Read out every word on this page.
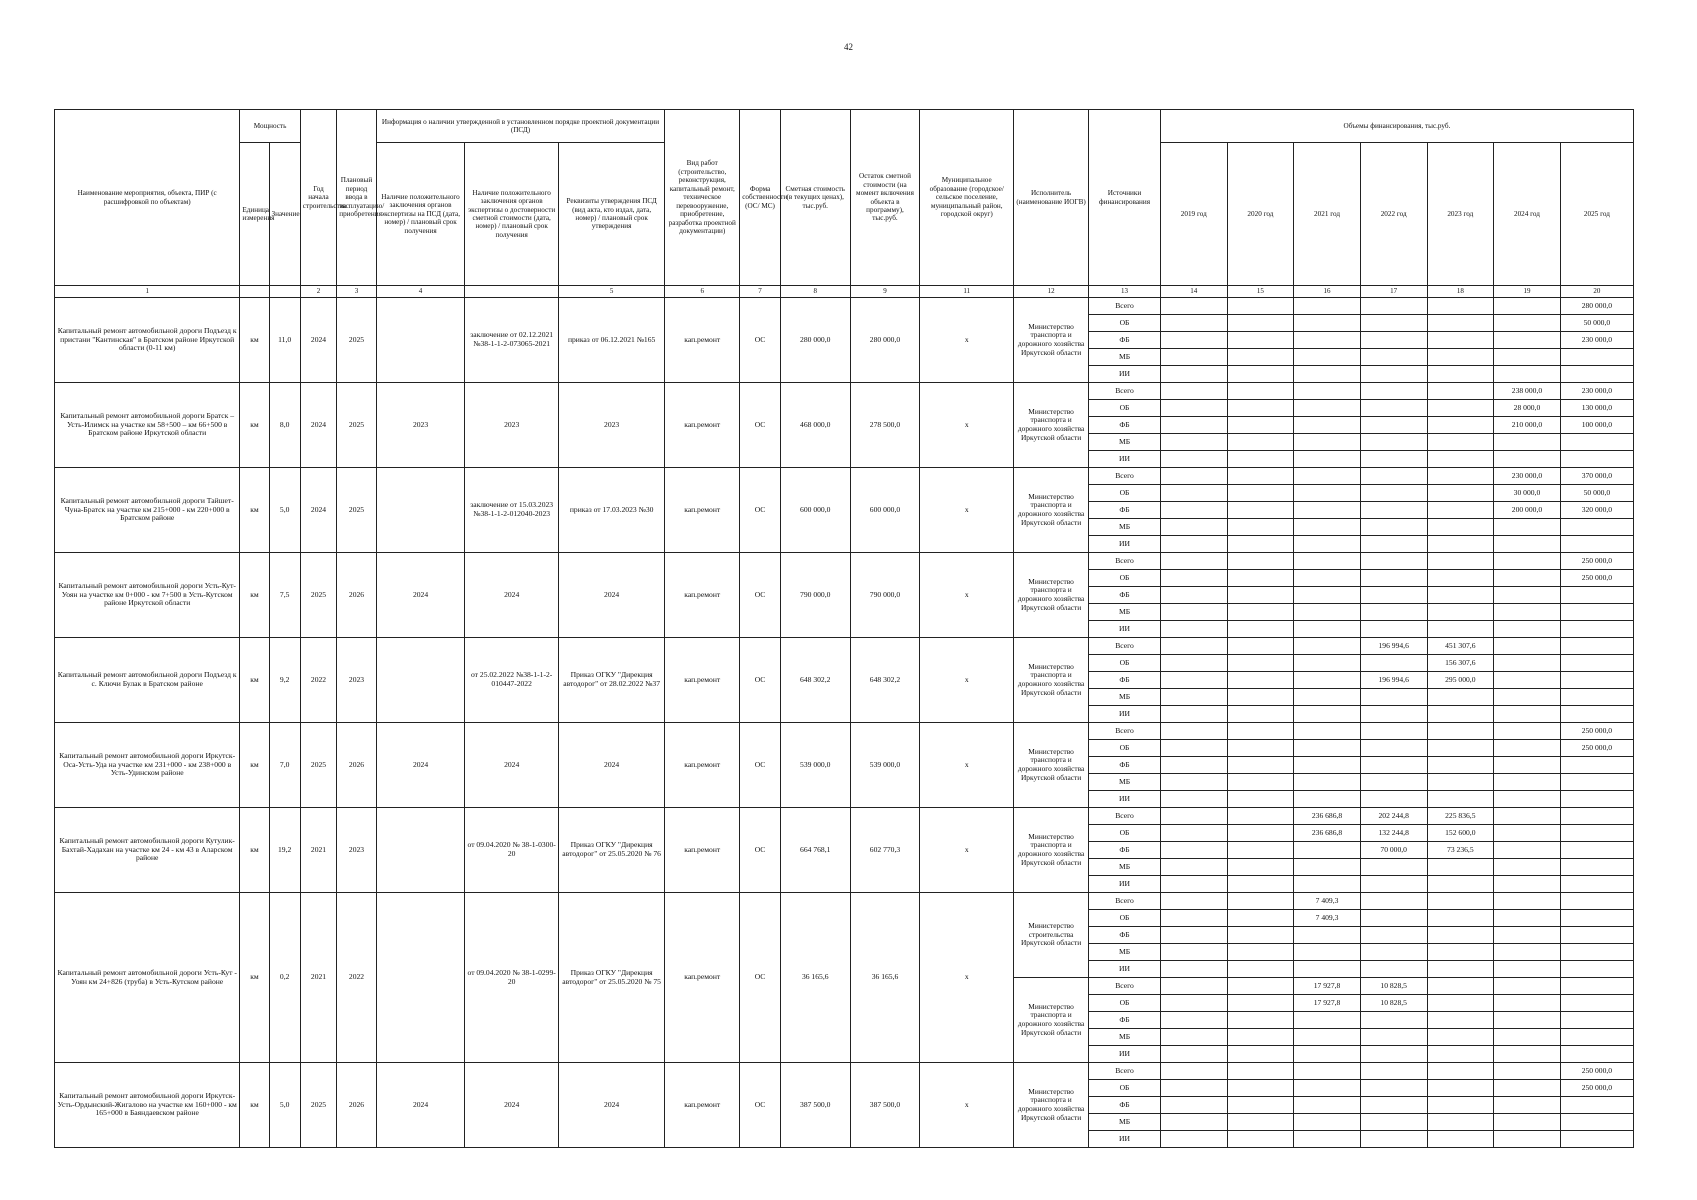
42
Наименование мероприятия, объекта, ПИР (с расшифровкой по объектам)	Мощность		Год начала строительства	Плановый период ввода в эксплуатацию/приобретения	Информация о наличии утвержденной в установленном порядке проектной документации (ПСД)			Вид работ (строительство, реконструкция, капитальный ремонт, техническое перевооружение, приобретение, разработка проектной документации)	Форма собственности (ОС/ МС)	Сметная стоимость (в текущих ценах), тыс.руб.	Остаток сметной стоимости (на момент включения объекта в программу), тыс.руб.	Муниципальное образование (городское/сельское поселение, муниципальный район, городской округ)	Исполнитель (наименование ИОГВ)	Источники финансирования	Объемы финансирования, тыс.руб.						
	Единица измерения	Значение			Наличие положительного заключения органов экспертизы на ПСД (дата, номер) / плановый срок получения	Наличие положительного заключения органов экспертизы о достоверности сметной стоимости (дата, номер) / плановый срок получения	Реквизиты утверждения ПСД (вид акта, кто издал, дата, номер) / плановый срок утверждения								2019 год	2020 год	2021 год	2022 год	2023 год	2024 год	2025 год
1			2	3	4		5	6	7	8	9	11	12	13	14	15	16	17	18	19	20
Капитальный ремонт автомобильной дороги Подъезд к пристани "Кантинская" в Братском районе Иркутской области (0-11 км)	км	11,0	2024	2025		заключение от 02.12.2021 №38-1-1-2-073065-2021	приказ от 06.12.2021 №165	кап.ремонт	ОС	280 000,0	280 000,0	х	Министерство транспорта и дорожного хозяйства Иркутской области	Всего							280 000,0
														ОБ							50 000,0
														ФБ							230 000,0
														МБ							
														ИИ							
Капитальный ремонт автомобильной дороги Братск – Усть-Илимск на участке км 58+500 – км 66+500 в Братском районе Иркутской области	км	8,0	2024	2025	2023	2023	2023	кап.ремонт	ОС	468 000,0	278 500,0	х	Министерство транспорта и дорожного хозяйства Иркутской области	Всего						238 000,0	230 000,0
														ОБ						28 000,0	130 000,0
														ФБ						210 000,0	100 000,0
														МБ							
														ИИ							
Капитальный ремонт автомобильной дороги Тайшет-Чуна-Братск на участке км 215+000 - км 220+000 в Братском районе	км	5,0	2024	2025		заключение от 15.03.2023 №38-1-1-2-012040-2023	приказ от 17.03.2023 №30	кап.ремонт	ОС	600 000,0	600 000,0	х	Министерство транспорта и дорожного хозяйства Иркутской области	Всего						230 000,0	370 000,0
														ОБ						30 000,0	50 000,0
														ФБ						200 000,0	320 000,0
														МБ							
														ИИ							
Капитальный ремонт автомобильной дороги Усть-Кут-Уоян на участке км 0+000 - км 7+500 в Усть-Кутском районе Иркутской области	км	7,5	2025	2026	2024	2024	2024	кап.ремонт	ОС	790 000,0	790 000,0	х	Министерство транспорта и дорожного хозяйства Иркутской области	Всего							250 000,0
														ОБ							250 000,0
														ФБ							
														МБ							
														ИИ							
Капитальный ремонт автомобильной дороги Подъезд к с. Ключи Булак в Братском районе	км	9,2	2022	2023		от 25.02.2022 №38-1-1-2-010447-2022	Приказ ОГКУ "Дирекция автодорог" от 28.02.2022 №37	кап.ремонт	ОС	648 302,2	648 302,2	х	Министерство транспорта и дорожного хозяйства Иркутской области	Всего				196 994,6	451 307,6		
														ОБ					156 307,6		
														ФБ				196 994,6	295 000,0		
														МБ							
														ИИ							
Капитальный ремонт автомобильной дороги Иркутск-Оса-Усть-Уда на участке км 231+000 - км 238+000 в Усть-Удинском районе	км	7,0	2025	2026	2024	2024	2024	кап.ремонт	ОС	539 000,0	539 000,0	х	Министерство транспорта и дорожного хозяйства Иркутской области	Всего							250 000,0
														ОБ							250 000,0
														ФБ							
														МБ							
														ИИ							
Капитальный ремонт автомобильной дороги Кутулик-Бахтай-Хадахан на участке км 24 - км 43 в Аларском районе	км	19,2	2021	2023		от 09.04.2020 № 38-1-0300-20	Приказ ОГКУ "Дирекция автодорог" от 25.05.2020 № 76	кап.ремонт	ОС	664 768,1	602 770,3	х	Министерство транспорта и дорожного хозяйства Иркутской области	Всего			236 686,8	202 244,8	225 836,5		
														ОБ			236 686,8	132 244,8	152 600,0		
														ФБ				70 000,0	73 236,5		
														МБ							
														ИИ							
Капитальный ремонт автомобильной дороги Усть-Кут - Уоян км 24+826 (труба) в Усть-Кутском районе	км	0,2	2021	2022		от 09.04.2020 № 38-1-0299-20	Приказ ОГКУ "Дирекция автодорог" от 25.05.2020 № 75	кап.ремонт	ОС	36 165,6	36 165,6	х	Министерство строительства Иркутской области	Всего			7 409,3				
														ОБ			7 409,3				
														ФБ							
														МБ							
														ИИ							
													Министерство транспорта и дорожного хозяйства Иркутской области	Всего			17 927,8	10 828,5			
														ОБ			17 927,8	10 828,5			
														ФБ							
														МБ							
														ИИ							
Капитальный ремонт автомобильной дороги Иркутск-Усть-Ордынский-Жигалово на участке км 160+000 - км 165+000 в Баяндаевском районе	км	5,0	2025	2026	2024	2024	2024	кап.ремонт	ОС	387 500,0	387 500,0	х	Министерство транспорта и дорожного хозяйства Иркутской области	Всего							250 000,0
														ОБ							250 000,0
														ФБ							
														МБ							
														ИИ							
